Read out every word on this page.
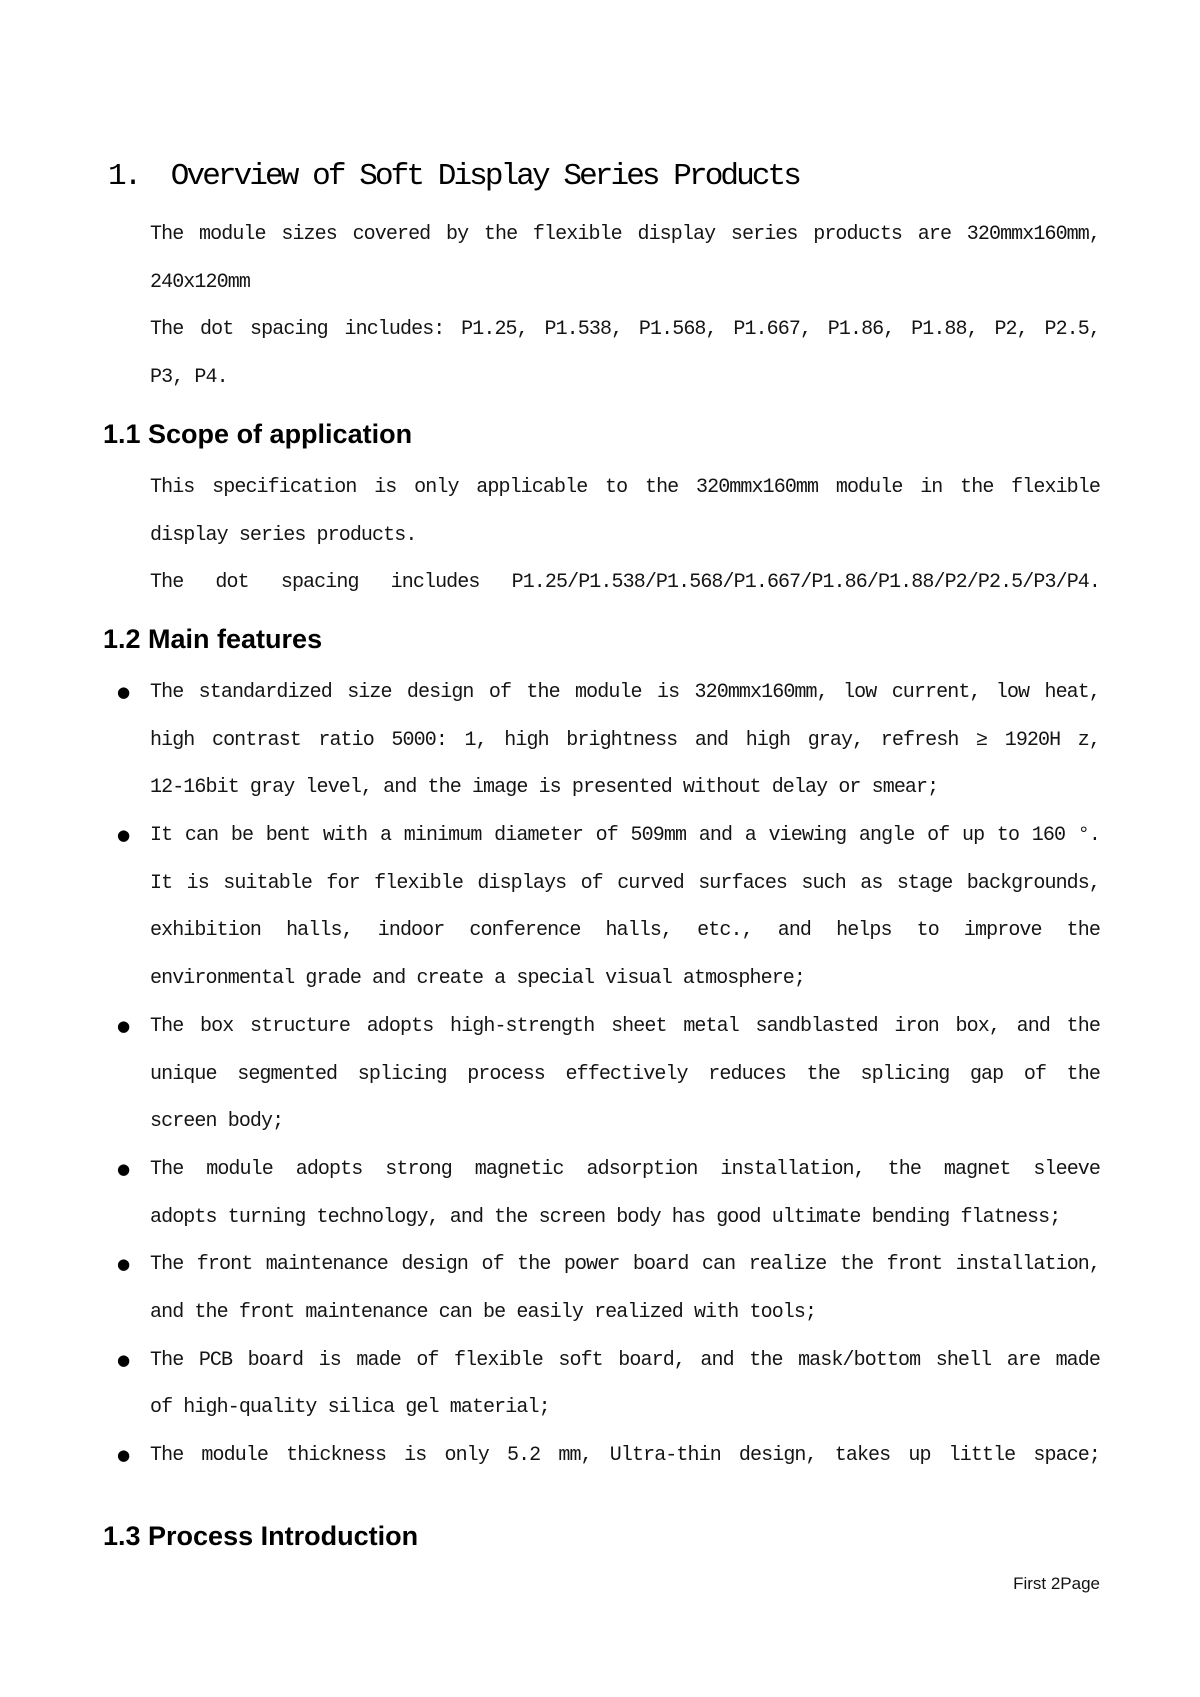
1.  Overview of Soft Display Series Products
The module sizes covered by the flexible display series products are 320mmx160mm,
240x120mm
The dot spacing includes: P1.25, P1.538, P1.568, P1.667, P1.86, P1.88, P2, P2.5,
P3, P4.
1.1 Scope of application
This specification is only applicable to the 320mmx160mm module in the flexible
display series products.
The dot spacing includes P1.25/P1.538/P1.568/P1.667/P1.86/P1.88/P2/P2.5/P3/P4.
1.2 Main features
● The standardized size design of the module is 320mmx160mm, low current, low heat,
high contrast ratio 5000: 1, high brightness and high gray, refresh ≥ 1920H z,
12-16bit gray level, and the image is presented without delay or smear;
● It can be bent with a minimum diameter of 509mm and a viewing angle of up to 160 °.
It is suitable for flexible displays of curved surfaces such as stage backgrounds,
exhibition halls, indoor conference halls, etc., and helps to improve the
environmental grade and create a special visual atmosphere;
● The box structure adopts high-strength sheet metal sandblasted iron box, and the
unique segmented splicing process effectively reduces the splicing gap of the
screen body;
● The module adopts strong magnetic adsorption installation, the magnet sleeve
adopts turning technology, and the screen body has good ultimate bending flatness;
● The front maintenance design of the power board can realize the front installation,
and the front maintenance can be easily realized with tools;
● The PCB board is made of flexible soft board, and the mask/bottom shell are made
of high-quality silica gel material;
● The module thickness is only 5.2 mm, Ultra-thin design, takes up little space;
1.3 Process Introduction
First 2Page
